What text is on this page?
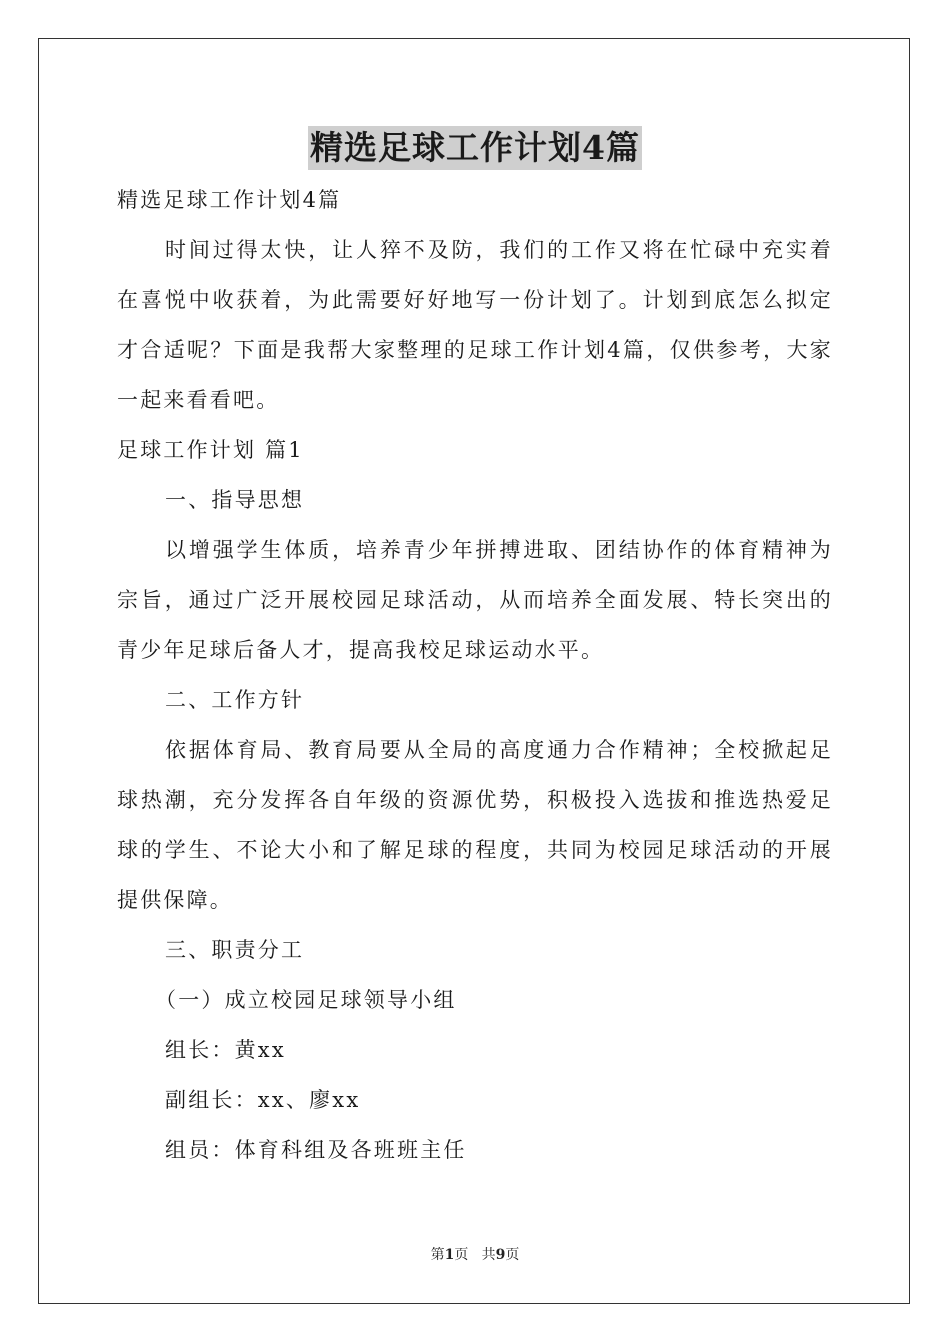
精选足球工作计划4篇
精选足球工作计划4篇
时间过得太快，让人猝不及防，我们的工作又将在忙碌中充实着在喜悦中收获着，为此需要好好地写一份计划了。计划到底怎么拟定才合适呢？下面是我帮大家整理的足球工作计划4篇，仅供参考，大家一起来看看吧。
足球工作计划 篇1
一、指导思想
以增强学生体质，培养青少年拼搏进取、团结协作的体育精神为宗旨，通过广泛开展校园足球活动，从而培养全面发展、特长突出的青少年足球后备人才，提高我校足球运动水平。
二、工作方针
依据体育局、教育局要从全局的高度通力合作精神；全校掀起足球热潮，充分发挥各自年级的资源优势，积极投入选拔和推选热爱足球的学生、不论大小和了解足球的程度，共同为校园足球活动的开展提供保障。
三、职责分工
（一）成立校园足球领导小组
组长：黄xx
副组长：xx、廖xx
组员：体育科组及各班班主任
第1页 共9页
